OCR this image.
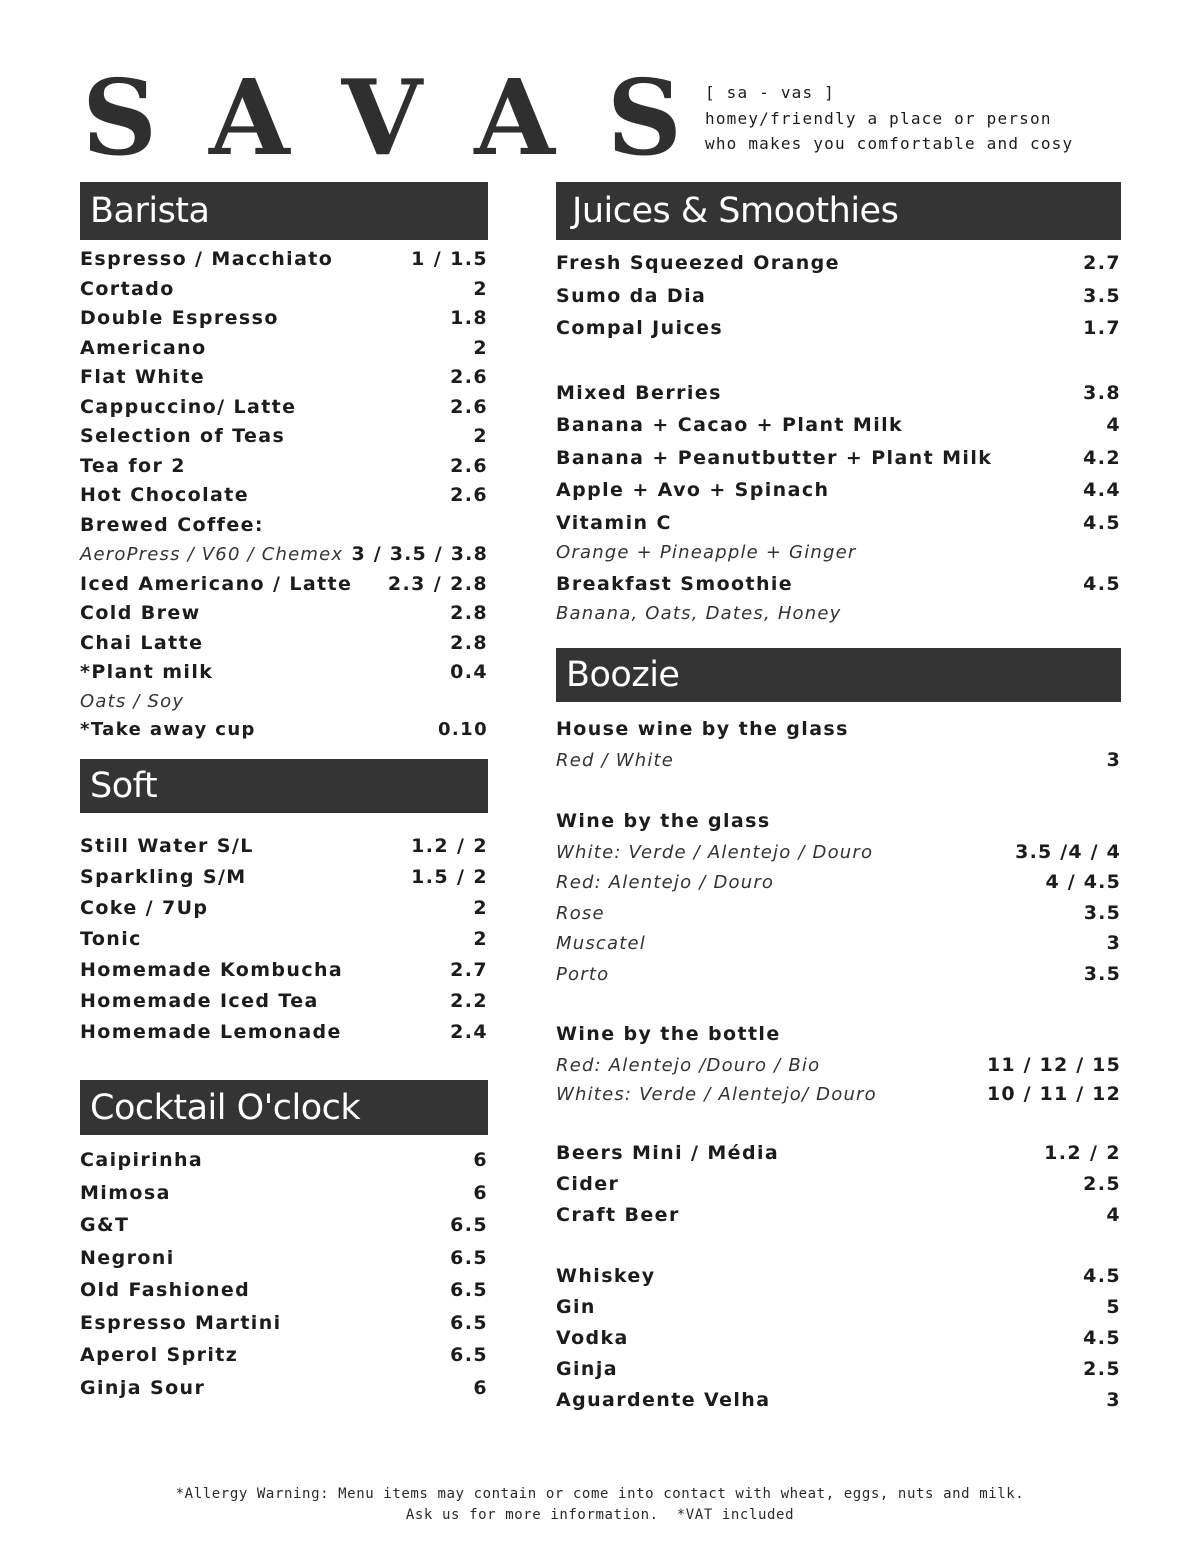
S A V A S [ sa - vas ]
homey/friendly a place or person
who makes you comfortable and cosy
Barista
Espresso / Macchiato	1 / 1.5
Cortado	2
Double Espresso	1.8
Americano	2
Flat White	2.6
Cappuccino/ Latte	2.6
Selection of Teas	2
Tea for 2	2.6
Hot Chocolate	2.6
Brewed Coffee:
AeroPress / V60 / Chemex 3 / 3.5 / 3.8
Iced Americano / Latte 2.3 / 2.8
Cold Brew	2.8
Chai Latte	2.8
*Plant milk	0.4
Oats / Soy
*Take away cup	0.10
Soft
Still Water S/L	1.2 / 2
Sparkling S/M	1.5 / 2
Coke / 7Up	2
Tonic	2
Homemade Kombucha	2.7
Homemade Iced Tea	2.2
Homemade Lemonade	2.4
Cocktail O'clock
Caipirinha	6
Mimosa	6
G&T	6.5
Negroni	6.5
Old Fashioned	6.5
Espresso Martini	6.5
Aperol Spritz	6.5
Ginja Sour	6
Juices & Smoothies
Fresh Squeezed Orange	2.7
Sumo da Dia	3.5
Compal Juices	1.7
Mixed Berries	3.8
Banana + Cacao + Plant Milk	4
Banana + Peanutbutter + Plant Milk	4.2
Apple + Avo + Spinach	4.4
Vitamin C	4.5
Orange + Pineapple + Ginger
Breakfast Smoothie	4.5
Banana, Oats, Dates, Honey
Boozie
House wine by the glass
Red / White	3
Wine by the glass
White: Verde / Alentejo / Douro	3.5 /4 / 4
Red: Alentejo / Douro	4 / 4.5
Rose	3.5
Muscatel	3
Porto	3.5
Wine by the bottle
Red: Alentejo /Douro / Bio	11 / 12 / 15
Whites: Verde / Alentejo/ Douro	10 / 11 / 12
Beers Mini / Média	1.2 / 2
Cider	2.5
Craft Beer	4
Whiskey	4.5
Gin	5
Vodka	4.5
Ginja	2.5
Aguardente Velha	3
*Allergy Warning: Menu items may contain or come into contact with wheat, eggs, nuts and milk.
Ask us for more information.  *VAT included
